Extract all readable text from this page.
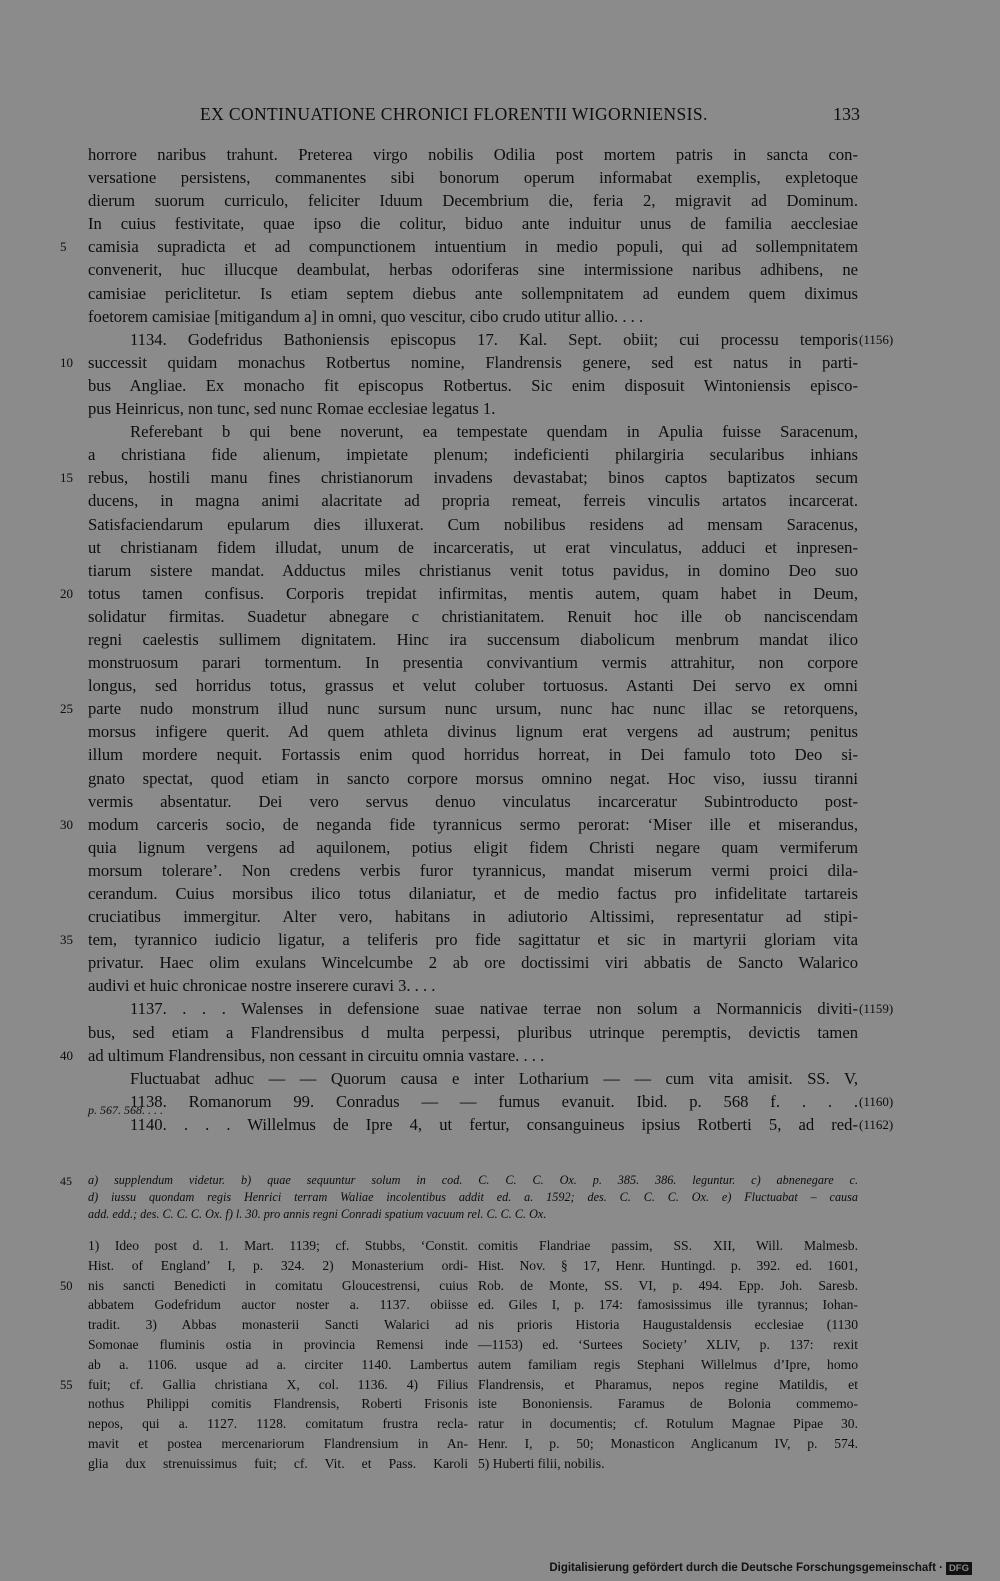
EX CONTINUATIONE CHRONICI FLORENTII WIGORNIENSIS.	133
horrore naribus trahunt. Preterea virgo nobilis Odilia post mortem patris in sancta con-
versatione persistens, commanentes sibi bonorum operum informabat exemplis, expletoque
dierum suorum curriculo, feliciter Iduum Decembrium die, feria 2, migravit ad Dominum.
In cuius festivitate, quae ipso die colitur, biduo ante induitur unus de familia aecclesiae
5	camisia supradicta et ad compunctionem intuentium in medio populi, qui ad sollempnitatem
convenerit, huc illucque deambulat, herbas odoriferas sine intermissione naribus adhibens, ne
camisiae periclitetur. Is etiam septem diebus ante sollempnitatem ad eundem quem diximus
foetorem camisiae [mitigandum a] in omni, quo vescitur, cibo crudo utitur allio. . . .
1134. Godefridus Bathoniensis episcopus 17. Kal. Sept. obiit; cui processu temporis (1156)
10 successit quidam monachus Rotbertus nomine, Flandrensis genere, sed est natus in parti-
bus Angliae. Ex monacho fit episcopus Rotbertus. Sic enim disposuit Wintoniensis episco-
pus Heinricus, non tunc, sed nunc Romae ecclesiae legatus 1.
Referebant b qui bene noverunt, ea tempestate quendam in Apulia fuisse Saracenum,
a christiana fide alienum, impietate plenum; indeficienti philargiria secularibus inhians
15 rebus, hostili manu fines christianorum invadens devastabat; binos captos baptizatos secum
ducens, in magna animi alacritate ad propria remeat, ferreis vinculis artatos incarcerat.
Satisfaciendarum epularum dies illuxerat. Cum nobilibus residens ad mensam Saracenus,
ut christianam fidem illudat, unum de incarceratis, ut erat vinculatus, adduci et inpresen-
tiarum sistere mandat. Adductus miles christianus venit totus pavidus, in domino Deo suo
20 totus tamen confisus. Corporis trepidat infirmitas, mentis autem, quam habet in Deum,
solidatur firmitas. Suadetur abnegare c christianitatem. Renuit hoc ille ob nanciscendam
regni caelestis sullimem dignitatem. Hinc ira succensum diabolicum menbrum mandat ilico
monstruosum parari tormentum. In presentia convivantium vermis attrahitur, non corpore
longus, sed horridus totus, grassus et velut coluber tortuosus. Astanti Dei servo ex omni
25 parte nudo monstrum illud nunc sursum nunc ursum, nunc hac nunc illac se retorquens,
morsus infigere querit. Ad quem athleta divinus lignum erat vergens ad austrum; penitus
illum mordere nequit. Fortassis enim quod horridus horreat, in Dei famulo toto Deo si-
gnato spectat, quod etiam in sancto corpore morsus omnino negat. Hoc viso, iussu tiranni
vermis absentatur. Dei vero servus denuo vinculatus incarceratur Subintroducto post-
30 modum carceris socio, de neganda fide tyrannicus sermo perorat: ‘Miser ille et miserandus,
quia lignum vergens ad aquilonem, potius eligit fidem Christi negare quam vermiferum
morsum tolerare’. Non credens verbis furor tyrannicus, mandat miserum vermi proici dila-
cerandum. Cuius morsibus ilico totus dilaniatur, et de medio factus pro infidelitate tartareis
cruciatibus immergitur. Alter vero, habitans in adiutorio Altissimi, representatur ad stipi-
35 tem, tyrannico iudicio ligatur, a teliferis pro fide sagittatur et sic in martyrii gloriam vita
privatur. Haec olim exulans Wincelcumbe 2 ab ore doctissimi viri abbatis de Sancto Walarico
audivi et huic chronicae nostre inserere curavi 3. . . .
1137. . . . Walenses in defensione suae nativae terrae non solum a Normannicis diviti- (1159)
bus, sed etiam a Flandrensibus d multa perpessi, pluribus utrinque peremptis, devictis tamen
40 ad ultimum Flandrensibus, non cessant in circuitu omnia vastare. . . .
Fluctuabat adhuc — — Quorum causa e inter Lotharium — — cum vita amisit. SS. V,
1138. Romanorum 99. Conradus — — fumus evanuit. Ibid. p. 568 f. . . . (1160)
1140. . . . Willelmus de Ipre 4, ut fertur, consanguineus ipsius Rotberti 5, ad red- (1162)
p. 567. 568. . . .
45	a) supplendum videtur. b) quae sequuntur solum in cod. C. C. C. Ox. p. 385. 386. leguntur. c) abnenegare c.
d) iussu quondam regis Henrici terram Waliae incolentibus addit ed. a. 1592; des. C. C. C. Ox. e) Fluctuabat – causa
add. edd.; des. C. C. C. Ox. f) l. 30. pro annis regni Conradi spatium vacuum rel. C. C. C. Ox.
1) Ideo post d. 1. Mart. 1139; cf. Stubbs, ‘Constit. comitis Flandriae passim, SS. XII, Will. Malmesb.
Hist. of England’ I, p. 324. 2) Monasterium ordi- Hist. Nov. § 17, Henr. Huntingd. p. 392. ed. 1601,
50	nis sancti Benedicti in comitatu Gloucestrensi, cuius Rob. de Monte, SS. VI, p. 494. Epp. Joh. Saresb.
abbatem Godefridum auctor noster a. 1137. obiisse ed. Giles I, p. 174: famosissimus ille tyrannus; Iohan-
tradit. 3) Abbas monasterii Sancti Walarici ad nis prioris Historia Haugustaldensis ecclesiae (1130
Somonae fluminis ostia in provincia Remensi inde —1153) ed. ‘Surtees Society’ XLIV, p. 137: rexit
ab a. 1106. usque ad a. circiter 1140. Lambertus autem familiam regis Stephani Willelmus d’Ipre, homo
55	fuit; cf. Gallia christiana X, col. 1136. 4) Filius Flandrensis, et Pharamus, nepos regine Matildis, et
nothus Philippi comitis Flandrensis, Roberti Frisonis iste Bononiensis. Faramus de Bolonia commemo-
nepos, qui a. 1127. 1128. comitatum frustra recla- ratur in documentis; cf. Rotulum Magnae Pipae 30.
mavit et postea mercenariorum Flandrensium in An- Henr. I, p. 50; Monasticon Anglicanum IV, p. 574.
glia dux strenuissimus fuit; cf. Vit. et Pass. Karoli 5) Huberti filii, nobilis.
Digitalisierung gefördert durch die Deutsche Forschungsgemeinschaft · DFG
